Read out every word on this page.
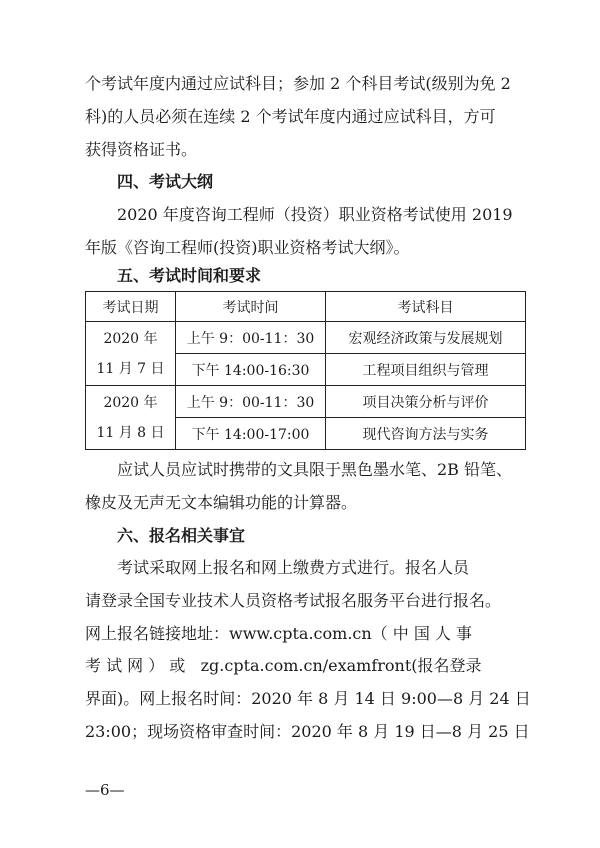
个考试年度内通过应试科目；参加 2 个科目考试(级别为免 2
科)的人员必须在连续 2 个考试年度内通过应试科目，方可
获得资格证书。
四、考试大纲
2020 年度咨询工程师（投资）职业资格考试使用 2019
年版《咨询工程师(投资)职业资格考试大纲》。
五、考试时间和要求
考试日期	考试时间	考试科目

2020 年
11 月 7 日	上午 9：00-11：30	宏观经济政策与发展规划
	下午 14:00-16:30	工程项目组织与管理

2020 年
11 月 8 日	上午 9：00-11：30	项目决策分析与评价
	下午 14:00-17:00	现代咨询方法与实务
应试人员应试时携带的文具限于黑色墨水笔、2B 铅笔、
橡皮及无声无文本编辑功能的计算器。
六、报名相关事宜
考试采取网上报名和网上缴费方式进行。报名人员
请登录全国专业技术人员资格考试报名服务平台进行报名。
网上报名链接地址：www.cpta.com.cn（ 中 国 人 事
考 试 网 ） 或 zg.cpta.com.cn/examfront(报名登录
界面)。网上报名时间：2020 年 8 月 14 日 9:00—8 月 24 日
23:00；现场资格审查时间：2020 年 8 月 19 日—8 月 25 日
—6—
